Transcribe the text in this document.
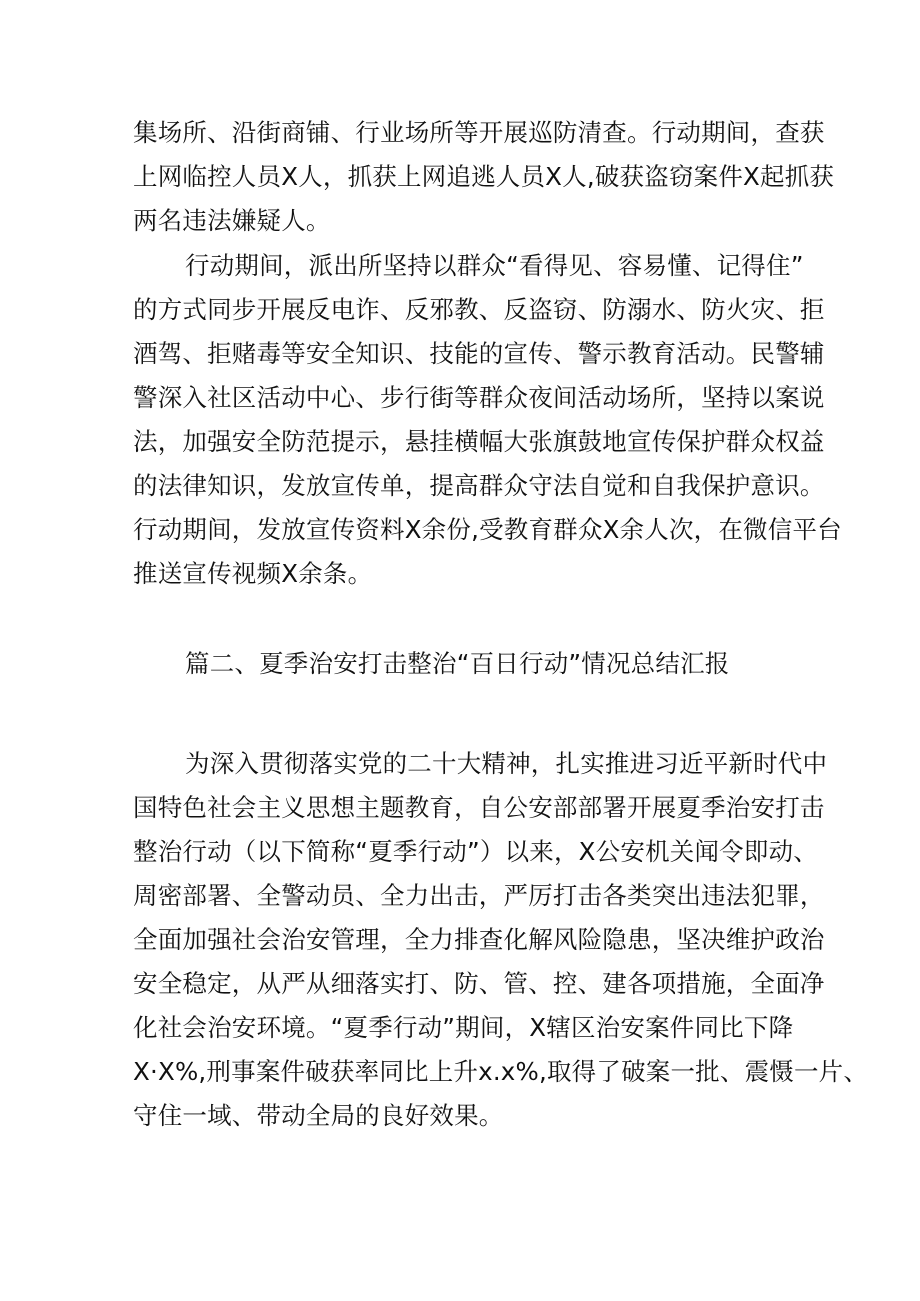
集场所、沿街商铺、行业场所等开展巡防清查。行动期间，查获
上网临控人员X人，抓获上网追逃人员X人,破获盗窃案件X起抓获
两名违法嫌疑人。
行动期间，派出所坚持以群众“看得见、容易懂、记得住”
的方式同步开展反电诈、反邪教、反盗窃、防溺水、防火灾、拒
酒驾、拒赌毒等安全知识、技能的宣传、警示教育活动。民警辅
警深入社区活动中心、步行街等群众夜间活动场所，坚持以案说
法，加强安全防范提示，悬挂横幅大张旗鼓地宣传保护群众权益
的法律知识，发放宣传单，提高群众守法自觉和自我保护意识。
行动期间，发放宣传资料X余份,受教育群众X余人次，在微信平台
推送宣传视频X余条。
篇二、夏季治安打击整治“百日行动”情况总结汇报
为深入贯彻落实党的二十大精神，扎实推进习近平新时代中
国特色社会主义思想主题教育，自公安部部署开展夏季治安打击
整治行动（以下简称“夏季行动”）以来，X公安机关闻令即动、
周密部署、全警动员、全力出击，严厉打击各类突出违法犯罪，
全面加强社会治安管理，全力排查化解风险隐患，坚决维护政治
安全稳定，从严从细落实打、防、管、控、建各项措施，全面净
化社会治安环境。“夏季行动”期间，X辖区治安案件同比下降
X·X%,刑事案件破获率同比上升x.x%,取得了破案一批、震慑一片、
守住一域、带动全局的良好效果。
